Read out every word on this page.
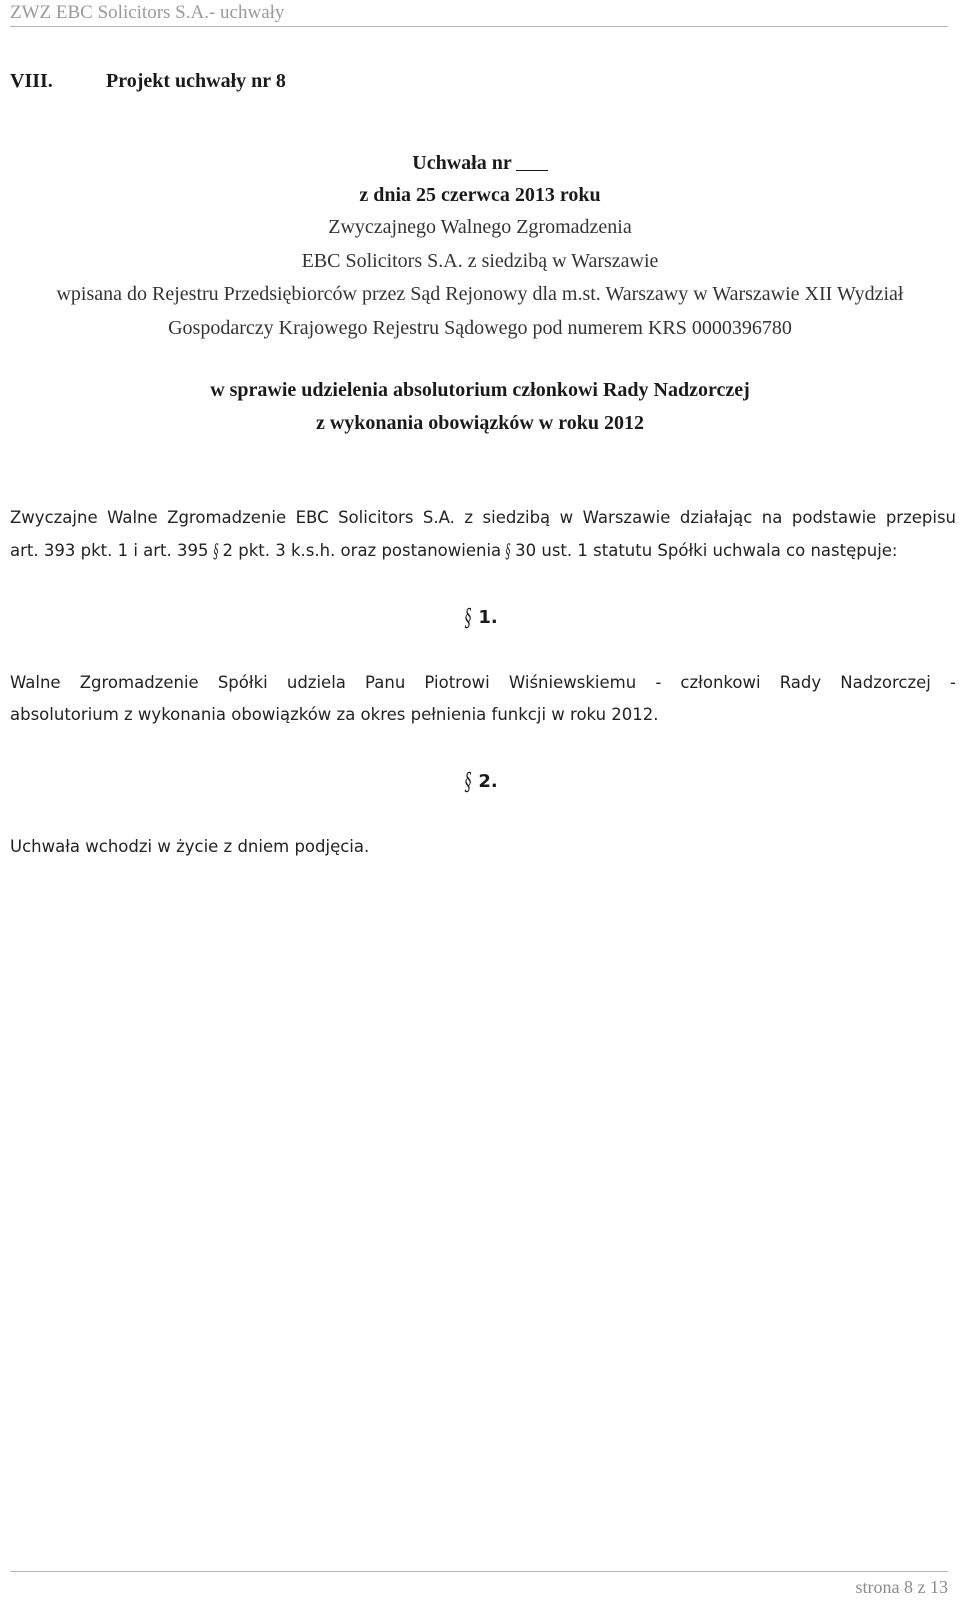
ZWZ EBC Solicitors S.A.- uchwały
VIII.	Projekt uchwały nr 8
Uchwała nr
z dnia 25 czerwca 2013 roku
Zwyczajnego Walnego Zgromadzenia
EBC Solicitors S.A. z siedzibą w Warszawie
wpisana do Rejestru Przedsiębiorców przez Sąd Rejonowy dla m.st. Warszawy w Warszawie XII Wydział
Gospodarczy Krajowego Rejestru Sądowego pod numerem KRS 0000396780
w sprawie udzielenia absolutorium członkowi Rady Nadzorczej
z wykonania obowiązków w roku 2012
Zwyczajne Walne Zgromadzenie EBC Solicitors S.A. z siedzibą w Warszawie działając na podstawie przepisu
art. 393 pkt. 1 i art. 395 § 2 pkt. 3 k.s.h. oraz postanowienia § 30 ust. 1 statutu Spółki uchwala co następuje:
§ 1.
Walne Zgromadzenie Spółki udziela Panu Piotrowi Wiśniewskiemu - członkowi Rady Nadzorczej -
absolutorium z wykonania obowiązków za okres pełnienia funkcji w roku 2012.
§ 2.
Uchwała wchodzi w życie z dniem podjęcia.
strona 8 z 13
